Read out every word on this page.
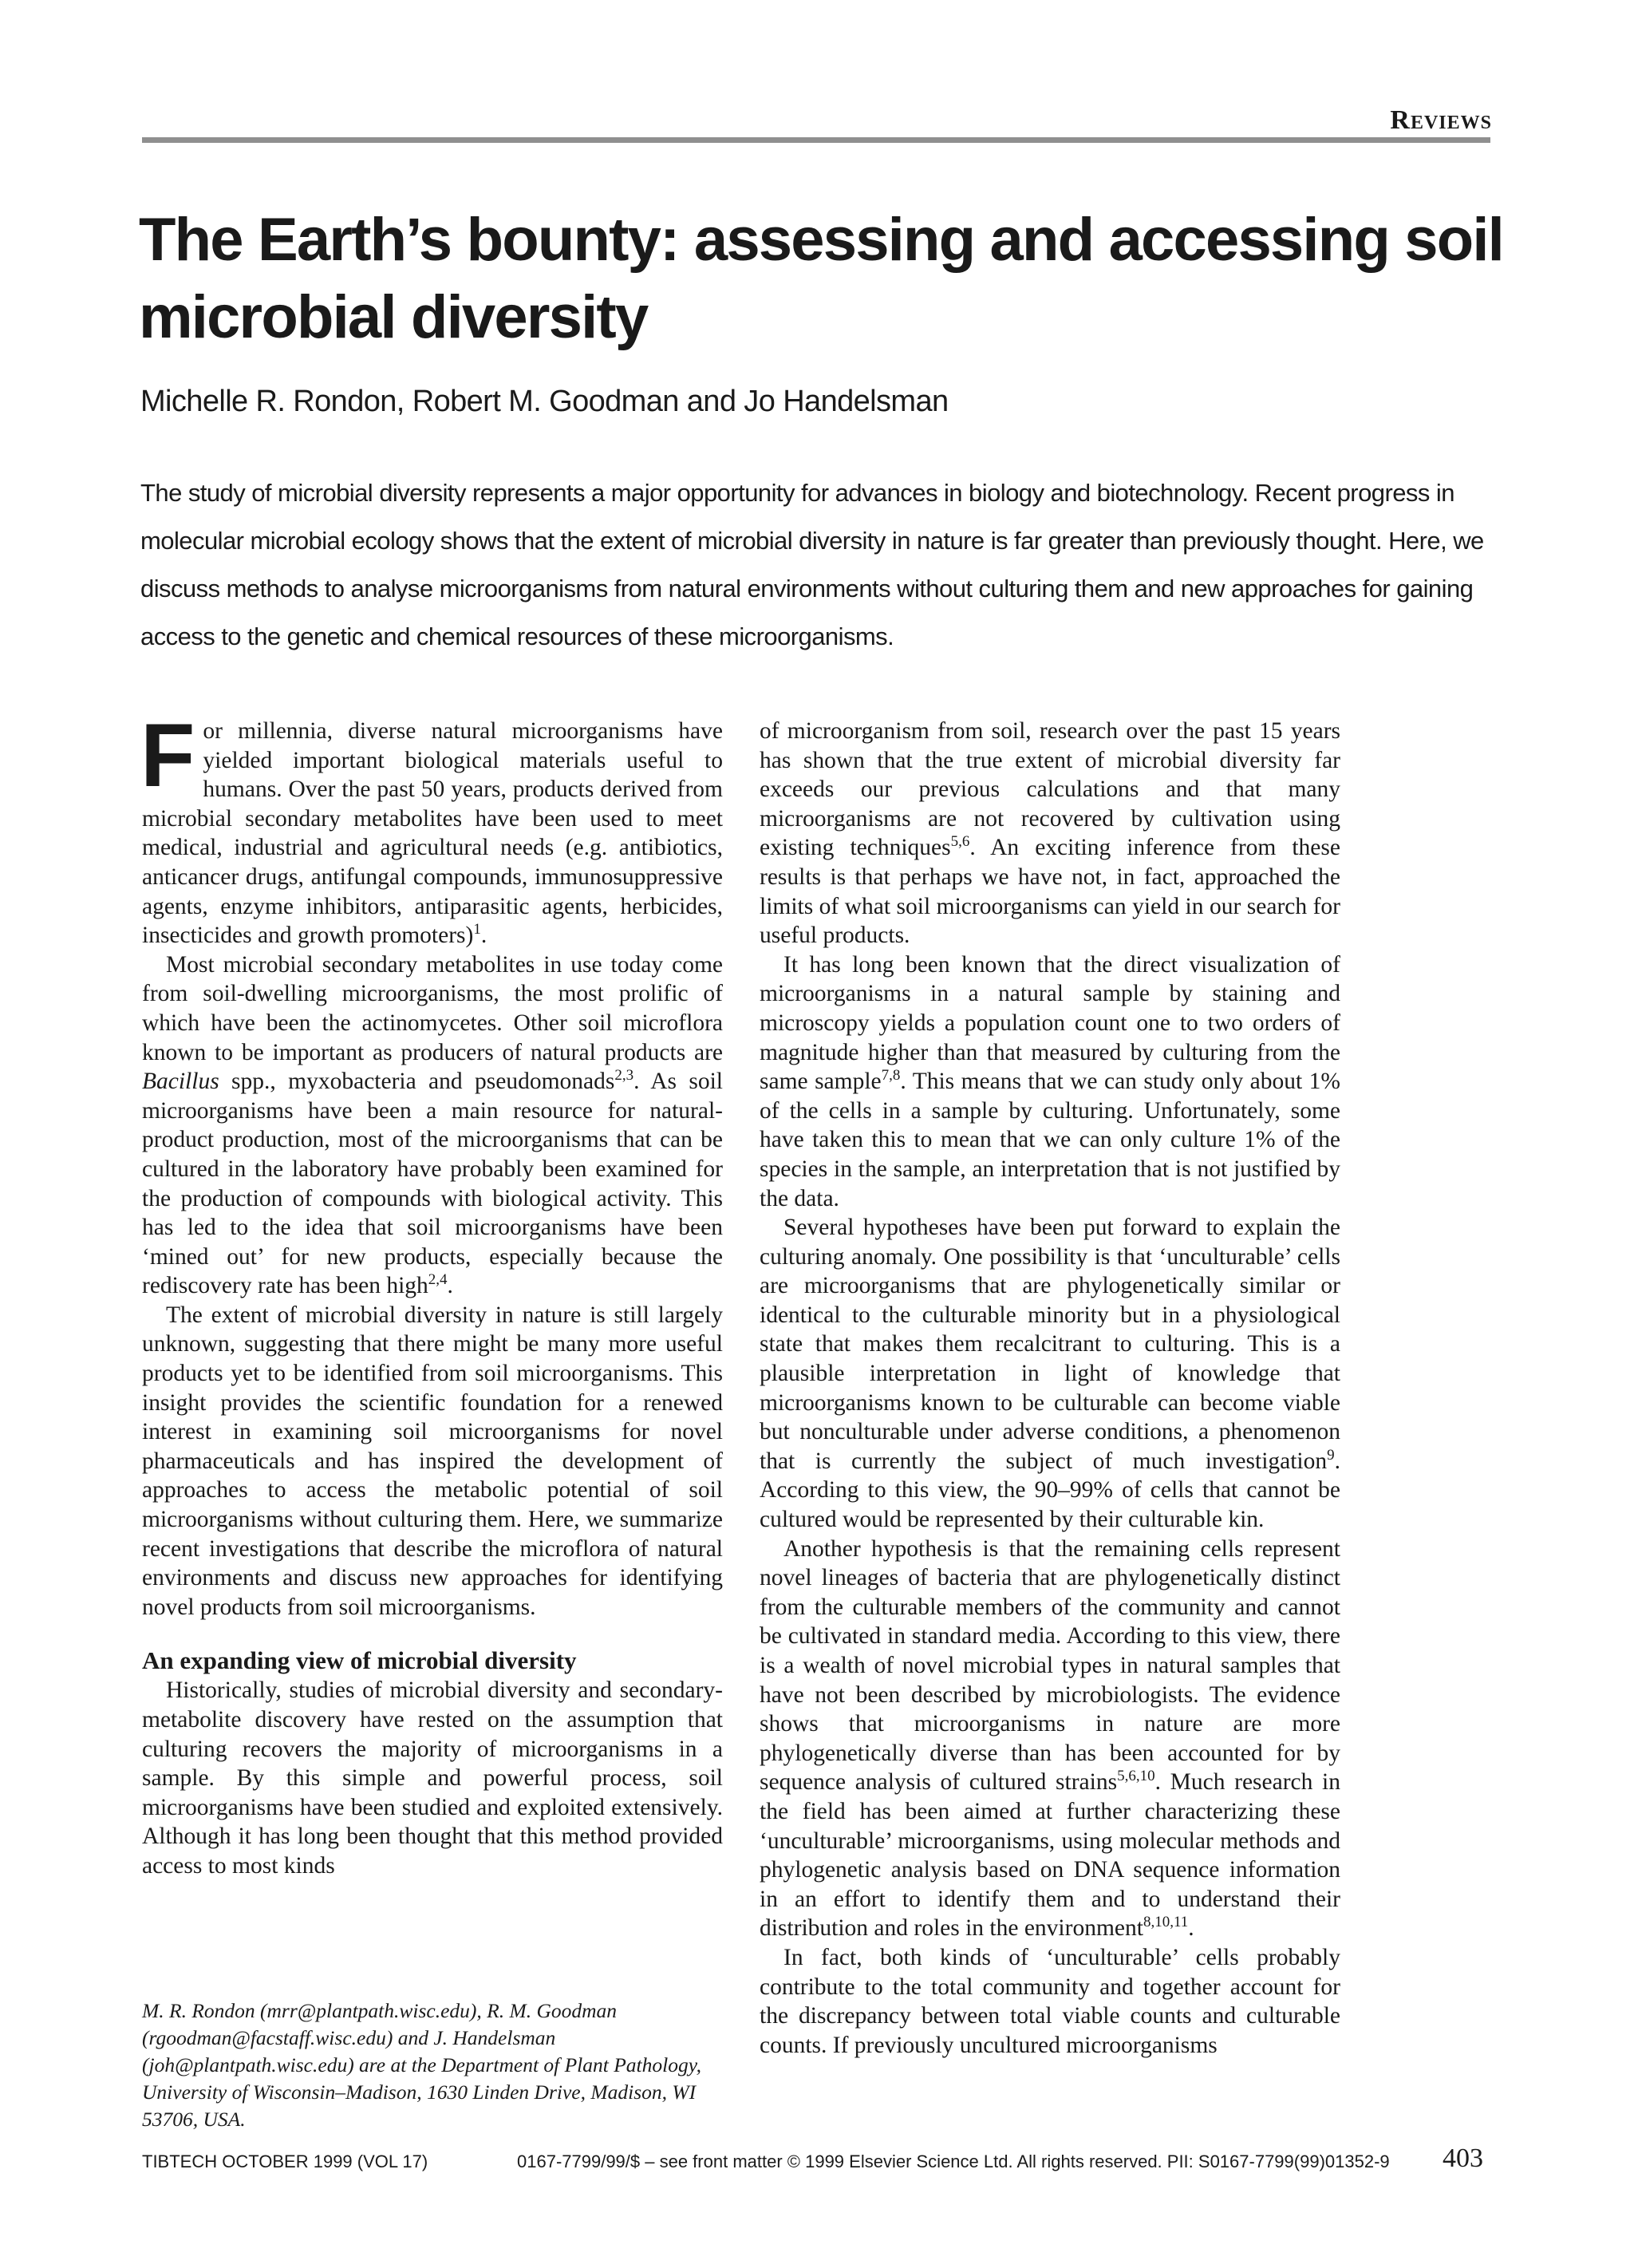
Reviews
The Earth’s bounty: assessing and accessing soil microbial diversity
Michelle R. Rondon, Robert M. Goodman and Jo Handelsman

The study of microbial diversity represents a major opportunity for advances in biology and biotechnology. Recent progress in molecular microbial ecology shows that the extent of microbial diversity in nature is far greater than previously thought. Here, we discuss methods to analyse microorganisms from natural environments without culturing them and new approaches for gaining access to the genetic and chemical resources of these microorganisms.

For millennia, diverse natural microorganisms have yielded important biological materials useful to humans. Over the past 50 years, products derived from microbial secondary metabolites have been used to meet medical, industrial and agricultural needs (e.g. antibiotics, anticancer drugs, antifungal compounds, immunosuppressive agents, enzyme inhibitors, antiparasitic agents, herbicides, insecticides and growth promoters)$^1$.

Most microbial secondary metabolites in use today come from soil-dwelling microorganisms, the most prolific of which have been the actinomycetes. Other soil microflora known to be important as producers of natural products are Bacillus spp., myxobacteria and pseudomonads$^{2,3}$. As soil microorganisms have been a main resource for natural-product production, most of the microorganisms that can be cultured in the laboratory have probably been examined for the production of compounds with biological activity. This has led to the idea that soil microorganisms have been ‘mined out’ for new products, especially because the rediscovery rate has been high$^{2,4}$.

The extent of microbial diversity in nature is still largely unknown, suggesting that there might be many more useful products yet to be identified from soil microorganisms. This insight provides the scientific foundation for a renewed interest in examining soil microorganisms for novel pharmaceuticals and has inspired the development of approaches to access the metabolic potential of soil microorganisms without culturing them. Here, we summarize recent investigations that describe the microflora of natural environments and discuss new approaches for identifying novel products from soil microorganisms.

An expanding view of microbial diversity

Historically, studies of microbial diversity and secondary-metabolite discovery have rested on the assumption that culturing recovers the majority of microorganisms in a sample. By this simple and powerful process, soil microorganisms have been studied and exploited extensively. Although it has long been thought that this method provided access to most kinds

M. R. Rondon (mrr@plantpath.wisc.edu), R. M. Goodman (rgoodman@facstaff.wisc.edu) and J. Handelsman (joh@plantpath.wisc.edu) are at the Department of Plant Pathology, University of Wisconsin–Madison, 1630 Linden Drive, Madison, WI 53706, USA.

of microorganism from soil, research over the past 15 years has shown that the true extent of microbial diversity far exceeds our previous calculations and that many microorganisms are not recovered by cultivation using existing techniques$^{5,6}$. An exciting inference from these results is that perhaps we have not, in fact, approached the limits of what soil microorganisms can yield in our search for useful products.

It has long been known that the direct visualization of microorganisms in a natural sample by staining and microscopy yields a population count one to two orders of magnitude higher than that measured by culturing from the same sample$^{7,8}$. This means that we can study only about 1% of the cells in a sample by culturing. Unfortunately, some have taken this to mean that we can only culture 1% of the species in the sample, an interpretation that is not justified by the data.

Several hypotheses have been put forward to explain the culturing anomaly. One possibility is that ‘unculturable’ cells are microorganisms that are phylogenetically similar or identical to the culturable minority but in a physiological state that makes them recalcitrant to culturing. This is a plausible interpretation in light of knowledge that microorganisms known to be culturable can become viable but nonculturable under adverse conditions, a phenomenon that is currently the subject of much investigation$^9$. According to this view, the 90–99% of cells that cannot be cultured would be represented by their culturable kin.

Another hypothesis is that the remaining cells represent novel lineages of bacteria that are phylogenetically distinct from the culturable members of the community and cannot be cultivated in standard media. According to this view, there is a wealth of novel microbial types in natural samples that have not been described by microbiologists. The evidence shows that microorganisms in nature are more phylogenetically diverse than has been accounted for by sequence analysis of cultured strains$^{5,6,10}$. Much research in the field has been aimed at further characterizing these ‘unculturable’ microorganisms, using molecular methods and phylogenetic analysis based on DNA sequence information in an effort to identify them and to understand their distribution and roles in the environment$^{8,10,11}$.

In fact, both kinds of ‘unculturable’ cells probably contribute to the total community and together account for the discrepancy between total viable counts and culturable counts. If previously uncultured microorganisms

TIBTECH OCTOBER 1999 (VOL 17)	0167-7799/99/$ – see front matter © 1999 Elsevier Science Ltd. All rights reserved. PII: S0167-7799(99)01352-9 403
